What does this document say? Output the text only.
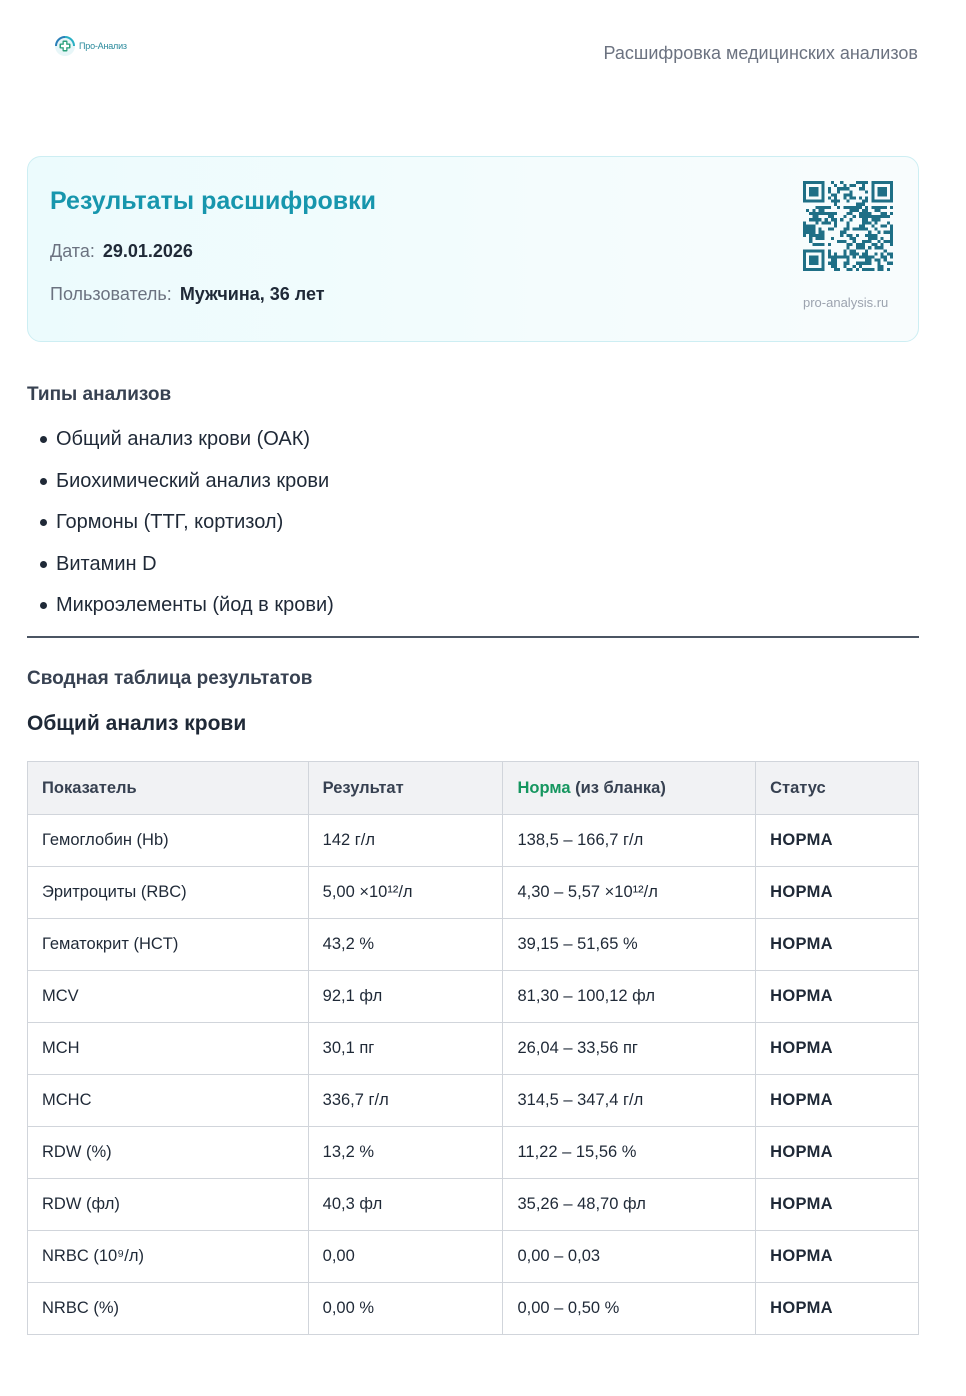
Про-Анализ	Расшифровка медицинских анализов
Результаты расшифровки
Дата: 29.01.2026
Пользователь: Мужчина, 36 лет	pro-analysis.ru
Типы анализов
Общий анализ крови (ОАК)
Биохимический анализ крови
Гормоны (ТТГ, кортизол)
Витамин D
Микроэлементы (йод в крови)
Сводная таблица результатов
Общий анализ крови
Показатель	Результат	Норма (из бланка)	Статус
Гемоглобин (Hb)	142 г/л	138,5 – 166,7 г/л	НОРМА
Эритроциты (RBC)	5,00 ×10¹²/л	4,30 – 5,57 ×10¹²/л	НОРМА
Гематокрит (HCT)	43,2 %	39,15 – 51,65 %	НОРМА
MCV	92,1 фл	81,30 – 100,12 фл	НОРМА
MCH	30,1 пг	26,04 – 33,56 пг	НОРМА
MCHC	336,7 г/л	314,5 – 347,4 г/л	НОРМА
RDW (%)	13,2 %	11,22 – 15,56 %	НОРМА
RDW (фл)	40,3 фл	35,26 – 48,70 фл	НОРМА
NRBC (10⁹/л)	0,00	0,00 – 0,03	НОРМА
NRBC (%)	0,00 %	0,00 – 0,50 %	НОРМА
